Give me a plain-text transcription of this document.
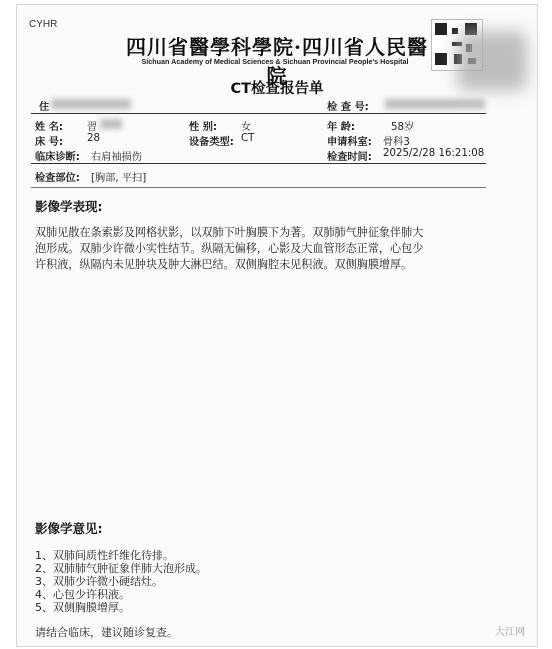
CYHR
四川省醫學科學院·四川省人民醫院
Sichuan Academy of Medical Sciences & Sichuan Provincial People's Hospital
CT检查报告单
住	检 查 号:
姓 名: 習	性 别: 女	年 龄:	58岁
床 号: 28	设备类型: CT	申请科室: 骨科3
临床诊断: 右肩袖损伤	检查时间: 2025/2/28 16:21:08
检查部位: [胸部, 平扫]
影像学表现:
双肺见散在条索影及网格状影，以双肺下叶胸膜下为著。双肺肺气肿征象伴肺大
泡形成。双肺少许微小实性结节。纵隔无偏移，心影及大血管形态正常，心包少
许积液，纵隔内未见肿块及肿大淋巴结。双侧胸腔未见积液。双侧胸膜增厚。
影像学意见:
1、双肺间质性纤维化待排。
2、双肺肺气肿征象伴肺大泡形成。
3、双肺少许微小硬结灶。
4、心包少许积液。
5、双侧胸膜增厚。
请结合临床，建议随诊复查。	大江网
